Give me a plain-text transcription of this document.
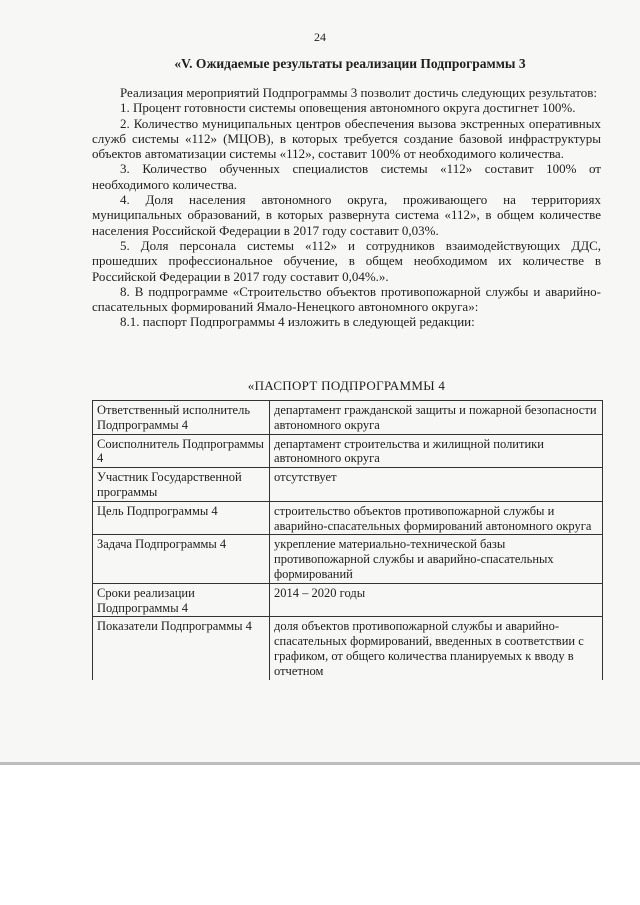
24
«V. Ожидаемые результаты реализации Подпрограммы 3

Реализация мероприятий Подпрограммы 3 позволит достичь следующих результатов:

1. Процент готовности системы оповещения автономного округа достигнет 100%.

2. Количество муниципальных центров обеспечения вызова экстренных оперативных служб системы «112» (МЦОВ), в которых требуется создание базовой инфраструктуры объектов автоматизации системы «112», составит 100% от необходимого количества.

3. Количество обученных специалистов системы «112» составит 100% от необходимого количества.

4. Доля населения автономного округа, проживающего на территориях муниципальных образований, в которых развернута система «112», в общем количестве населения Российской Федерации в 2017 году составит 0,03%.

5. Доля персонала системы «112» и сотрудников взаимодействующих ДДС, прошедших профессиональное обучение, в общем необходимом их количестве в Российской Федерации в 2017 году составит 0,04%.».

8. В подпрограмме «Строительство объектов противопожарной службы и аварийно-спасательных формирований Ямало-Ненецкого автономного округа»:

8.1. паспорт Подпрограммы 4 изложить в следующей редакции:

«ПАСПОРТ ПОДПРОГРАММЫ 4
Ответственный исполнитель Подпрограммы 4	департамент гражданской защиты и пожарной безопасности автономного округа
Соисполнитель Подпрограммы 4	департамент строительства и жилищной политики автономного округа
Участник Государственной программы	отсутствует
Цель Подпрограммы 4	строительство объектов противопожарной службы и аварийно-спасательных формирований автономного округа
Задача Подпрограммы 4	укрепление материально-технической базы противопожарной службы и аварийно-спасательных формирований
Сроки реализации Подпрограммы 4	2014 – 2020 годы
Показатели Подпрограммы 4	доля объектов противопожарной службы и аварийно-спасательных формирований, введенных в соответствии с графиком, от общего количества планируемых к вводу в отчетном
